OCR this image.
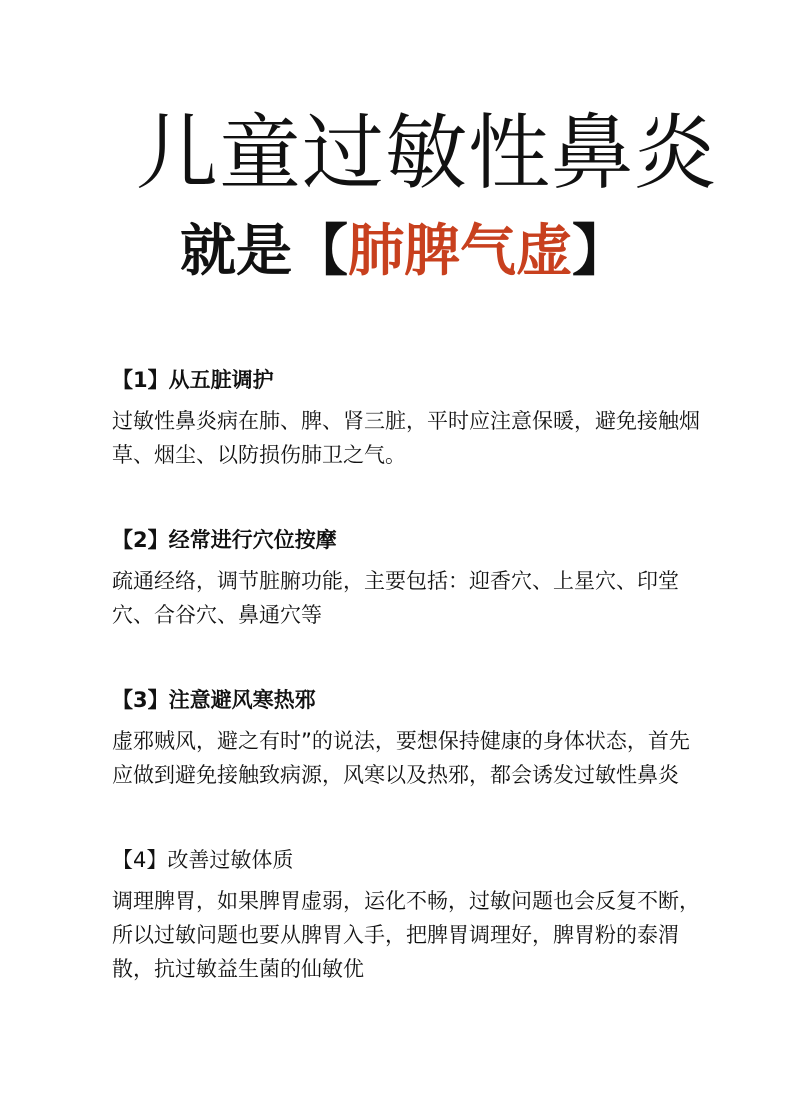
儿童过敏性鼻炎
就是【肺脾气虚】

【1】从五脏调护

过敏性鼻炎病在肺、脾、肾三脏，平时应注意保暖，避免接触烟草、烟尘、以防损伤肺卫之气。

【2】经常进行穴位按摩

疏通经络，调节脏腑功能，主要包括：迎香穴、上星穴、印堂穴、合谷穴、鼻通穴等

【3】注意避风寒热邪

虚邪贼风，避之有时”的说法，要想保持健康的身体状态，首先应做到避免接触致病源，风寒以及热邪，都会诱发过敏性鼻炎

【4】改善过敏体质

调理脾胃，如果脾胃虚弱，运化不畅，过敏问题也会反复不断，所以过敏问题也要从脾胃入手，把脾胃调理好，脾胃粉的泰渭散，抗过敏益生菌的仙敏优
